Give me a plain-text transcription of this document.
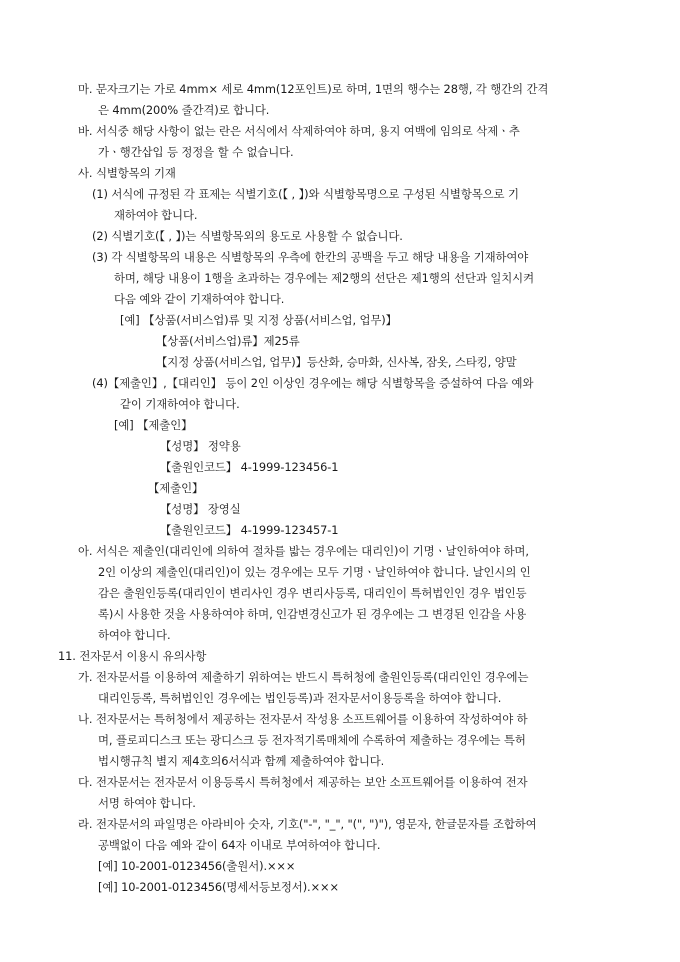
마. 문자크기는 가로 4mm× 세로 4mm(12포인트)로 하며, 1면의 행수는 28행, 각 행간의 간격
은 4mm(200% 줄간격)로 합니다.
바. 서식중 해당 사항이 없는 란은 서식에서 삭제하여야 하며, 용지 여백에 임의로 삭제ㆍ추
가ㆍ행간삽입 등 정정을 할 수 없습니다.
사. 식별항목의 기재
(1) 서식에 규정된 각 표제는 식별기호(【 , 】)와 식별항목명으로 구성된 식별항목으로 기
재하여야 합니다.
(2) 식별기호(【 , 】)는 식별항목외의 용도로 사용할 수 없습니다.
(3) 각 식별항목의 내용은 식별항목의 우측에 한칸의 공백을 두고 해당 내용을 기재하여야
하며, 해당 내용이 1행을 초과하는 경우에는 제2행의 선단은 제1행의 선단과 일치시켜
다음 예와 같이 기재하여야 합니다.
[예] 【상품(서비스업)류 및 지정 상품(서비스업, 업무)】
【상품(서비스업)류】제25류
【지정 상품(서비스업, 업무)】등산화, 승마화, 신사복, 잠옷, 스타킹, 양말
(4)【제출인】,【대리인】 등이 2인 이상인 경우에는 해당 식별항목을 증설하여 다음 예와
같이 기재하여야 합니다.
[예] 【제출인】
【성명】 정약용
【출원인코드】 4-1999-123456-1
【제출인】
【성명】 장영실
【출원인코드】 4-1999-123457-1
아. 서식은 제출인(대리인에 의하여 절차를 밟는 경우에는 대리인)이 기명ㆍ날인하여야 하며,
2인 이상의 제출인(대리인)이 있는 경우에는 모두 기명ㆍ날인하여야 합니다. 날인시의 인
감은 출원인등록(대리인이 변리사인 경우 변리사등록, 대리인이 특허법인인 경우 법인등
록)시 사용한 것을 사용하여야 하며, 인감변경신고가 된 경우에는 그 변경된 인감을 사용
하여야 합니다.
11. 전자문서 이용시 유의사항
가. 전자문서를 이용하여 제출하기 위하여는 반드시 특허청에 출원인등록(대리인인 경우에는
대리인등록, 특허법인인 경우에는 법인등록)과 전자문서이용등록을 하여야 합니다.
나. 전자문서는 특허청에서 제공하는 전자문서 작성용 소프트웨어를 이용하여 작성하여야 하
며, 플로피디스크 또는 광디스크 등 전자적기록매체에 수록하여 제출하는 경우에는 특허
법시행규칙 별지 제4호의6서식과 함께 제출하여야 합니다.
다. 전자문서는 전자문서 이용등록시 특허청에서 제공하는 보안 소프트웨어를 이용하여 전자
서명 하여야 합니다.
라. 전자문서의 파일명은 아라비아 숫자, 기호("-", "_", "(", ")"), 영문자, 한글문자를 조합하여
공백없이 다음 예와 같이 64자 이내로 부여하여야 합니다.
[예] 10-2001-0123456(출원서).×××
[예] 10-2001-0123456(명세서등보정서).×××
